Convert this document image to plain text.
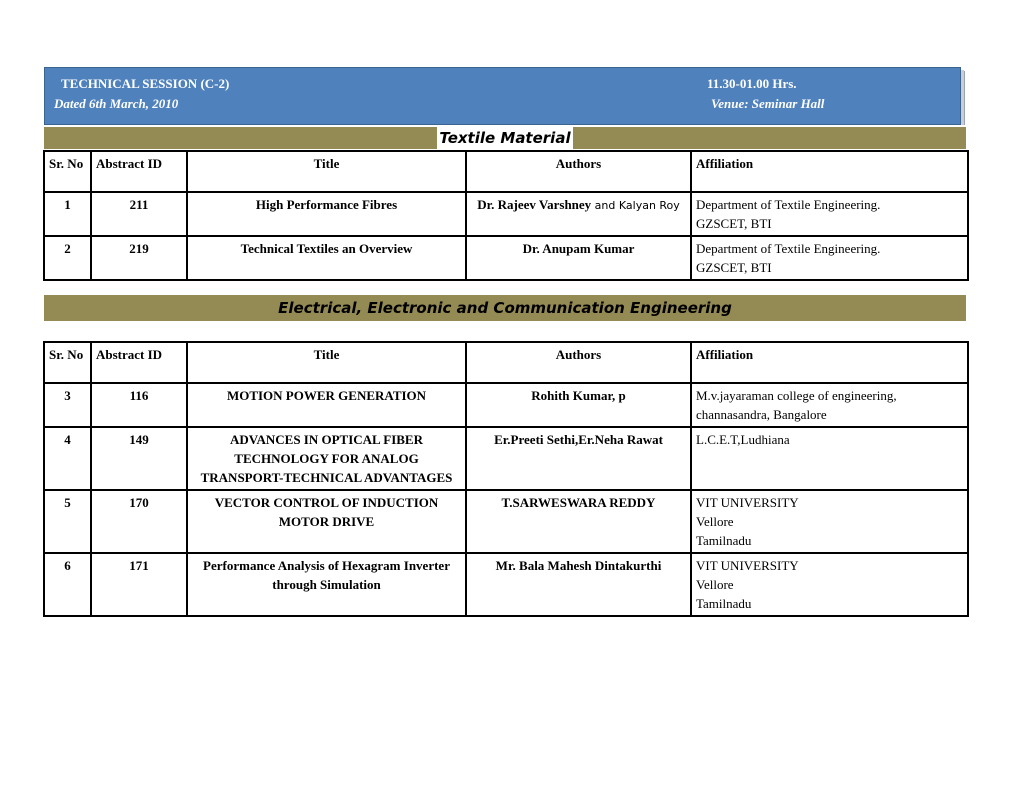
TECHNICAL SESSION (C-2)
Dated 6th March, 2010
11.30-01.00 Hrs.
Venue: Seminar Hall
Textile Material
Sr. No	Abstract ID	Title	Authors	Affiliation
1	211	High Performance Fibres	Dr. Rajeev Varshney and Kalyan Roy	Department of Textile Engineering.
GZSCET, BTI

2	219	Technical Textiles an Overview	Dr. Anupam Kumar	Department of Textile Engineering.
GZSCET, BTI
Electrical, Electronic and Communication Engineering
Sr. No	Abstract ID	Title	Authors	Affiliation
3	116	MOTION POWER GENERATION	Rohith Kumar, p	M.v.jayaraman college of engineering,
channasandra, Bangalore

4	149	ADVANCES IN OPTICAL FIBER TECHNOLOGY FOR ANALOG TRANSPORT-TECHNICAL ADVANTAGES	Er.Preeti Sethi,Er.Neha Rawat	L.C.E.T,Ludhiana

5	170	VECTOR CONTROL OF INDUCTION MOTOR DRIVE	T.SARWESWARA REDDY	VIT UNIVERSITY
Vellore
Tamilnadu

6	171	Performance Analysis of Hexagram Inverter through Simulation	Mr. Bala Mahesh Dintakurthi	VIT UNIVERSITY
Vellore
Tamilnadu
